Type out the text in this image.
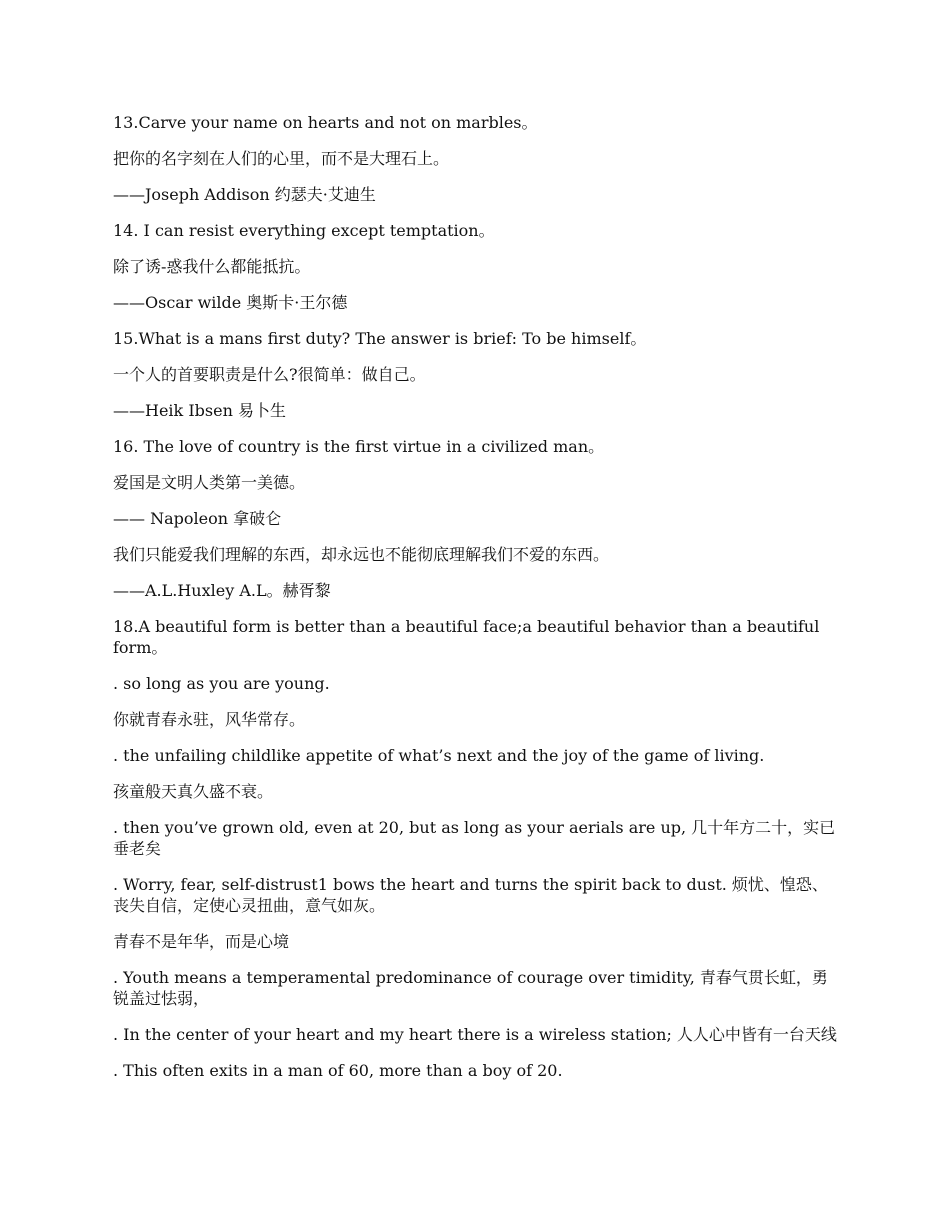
13.Carve your name on hearts and not on marbles。

把你的名字刻在人们的心里，而不是大理石上。

——Joseph Addison 约瑟夫·艾迪生

14. I can resist everything except temptation。

除了诱-惑我什么都能抵抗。

——Oscar wilde 奥斯卡·王尔德

15.What is a mans first duty? The answer is brief: To be himself。

一个人的首要职责是什么?很简单：做自己。

——Heik Ibsen 易卜生

16. The love of country is the first virtue in a civilized man。

爱国是文明人类第一美德。

—— Napoleon 拿破仑

我们只能爱我们理解的东西，却永远也不能彻底理解我们不爱的东西。

——A.L.Huxley A.L。赫胥黎

18.A beautiful form is better than a beautiful face;a beautiful behavior than a beautiful form。

. so long as you are young.

你就青春永驻，风华常存。

. the unfailing childlike appetite of what’s next and the joy of the game of living.

孩童般天真久盛不衰。

. then you’ve grown old, even at 20, but as long as your aerials are up, 几十年方二十，实已垂老矣

. Worry, fear, self-distrust1 bows the heart and turns the spirit back to dust. 烦忧、惶恐、丧失自信，定使心灵扭曲，意气如灰。

青春不是年华，而是心境

. Youth means a temperamental predominance of courage over timidity, 青春气贯长虹，勇锐盖过怯弱，

. In the center of your heart and my heart there is a wireless station; 人人心中皆有一台天线

. This often exits in a man of 60, more than a boy of 20.
